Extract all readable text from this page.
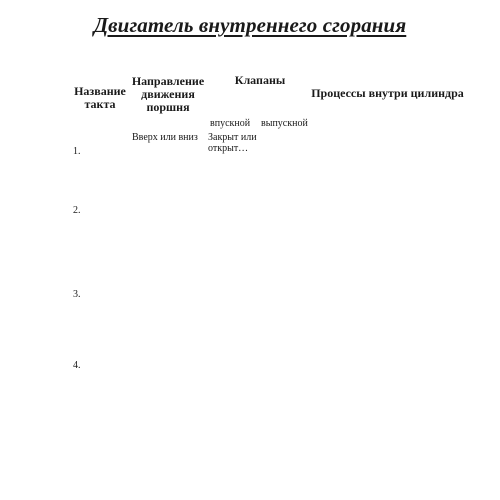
Двигатель внутреннего сгорания
Название
такта
Направление
движения
поршня
Клапаны
Процессы внутри цилиндра
впускной выпускной
Вверх или вниз Закрыт или
открыт…
1.
2.
3.
4.
